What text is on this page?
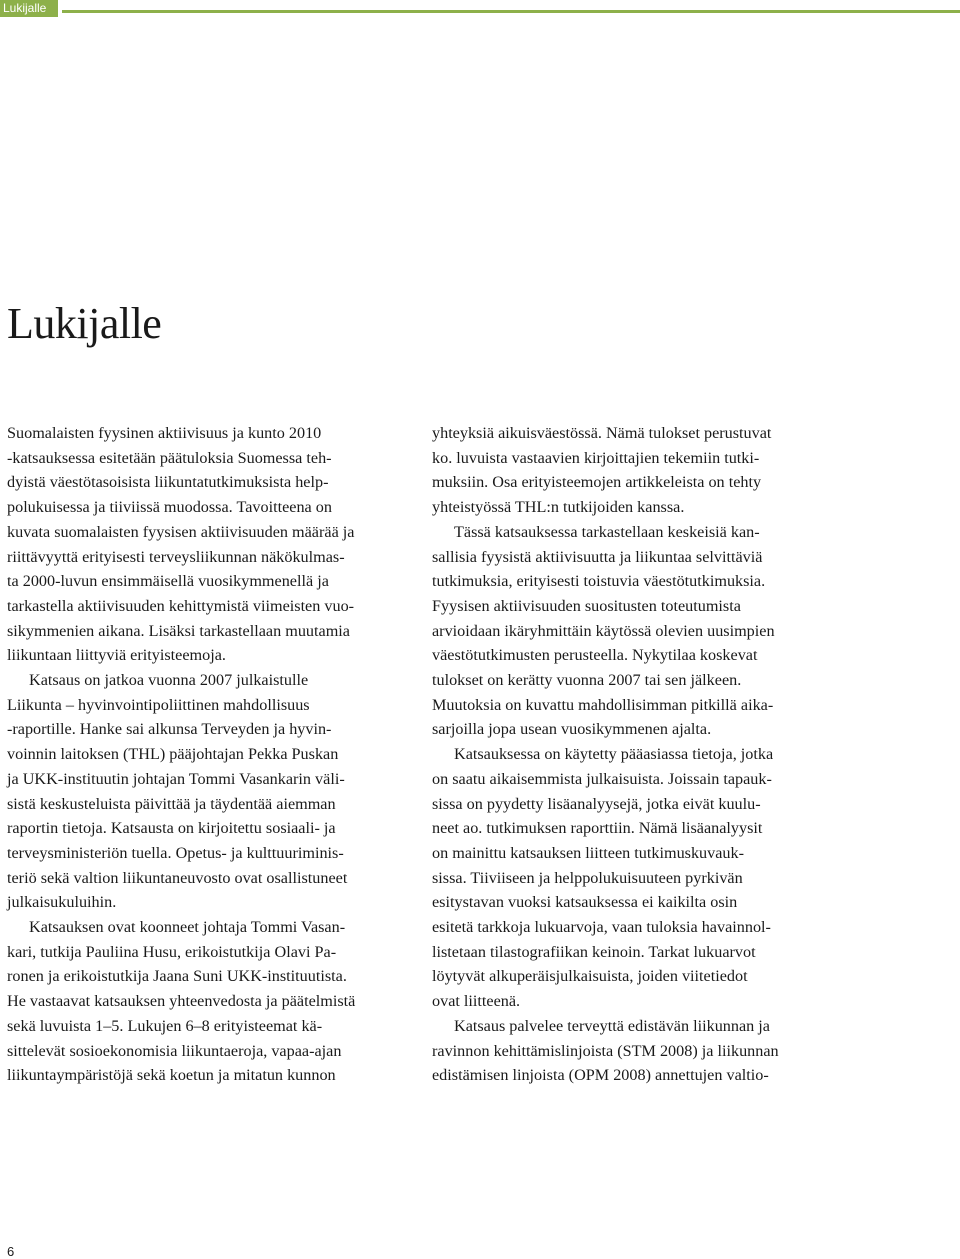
Lukijalle
Lukijalle

Suomalaisten fyysinen aktiivisuus ja kunto 2010
-katsauksessa esitetään päätuloksia Suomessa teh-
dyistä väestötasoisista liikuntatutkimuksista help-
polukuisessa ja tiiviissä muodossa. Tavoitteena on
kuvata suomalaisten fyysisen aktiivisuuden määrää ja
riittävyyttä erityisesti terveysliikunnan näkökulmas-
ta 2000-luvun ensimmäisellä vuosikymmenellä ja
tarkastella aktiivisuuden kehittymistä viimeisten vuo-
sikymmenien aikana. Lisäksi tarkastellaan muutamia
liikuntaan liittyviä erityisteemoja.

Katsaus on jatkoa vuonna 2007 julkaistulle
Liikunta – hyvinvointipoliittinen mahdollisuus
-raportille. Hanke sai alkunsa Terveyden ja hyvin-
voinnin laitoksen (THL) pääjohtajan Pekka Puskan
ja UKK-instituutin johtajan Tommi Vasankarin väli-
sistä keskusteluista päivittää ja täydentää aiemman
raportin tietoja. Katsausta on kirjoitettu sosiaali- ja
terveysministeriön tuella. Opetus- ja kulttuuriminis-
teriö sekä valtion liikuntaneuvosto ovat osallistuneet
julkaisukuluihin.

Katsauksen ovat koonneet johtaja Tommi Vasan-
kari, tutkija Pauliina Husu, erikoistutkija Olavi Pa-
ronen ja erikoistutkija Jaana Suni UKK-instituutista.
He vastaavat katsauksen yhteenvedosta ja päätelmistä
sekä luvuista 1–5. Lukujen 6–8 erityisteemat kä-
sittelevät sosioekonomisia liikuntaeroja, vapaa-ajan
liikuntaympäristöjä sekä koetun ja mitatun kunnon

yhteyksiä aikuisväestössä. Nämä tulokset perustuvat
ko. luvuista vastaavien kirjoittajien tekemiin tutki-
muksiin. Osa erityisteemojen artikkeleista on tehty
yhteistyössä THL:n tutkijoiden kanssa.

Tässä katsauksessa tarkastellaan keskeisiä kan-
sallisia fyysistä aktiivisuutta ja liikuntaa selvittäviä
tutkimuksia, erityisesti toistuvia väestötutkimuksia.
Fyysisen aktiivisuuden suositusten toteutumista
arvioidaan ikäryhmittäin käytössä olevien uusimpien
väestötutkimusten perusteella. Nykytilaa koskevat
tulokset on kerätty vuonna 2007 tai sen jälkeen.
Muutoksia on kuvattu mahdollisimman pitkillä aika-
sarjoilla jopa usean vuosikymmenen ajalta.

Katsauksessa on käytetty pääasiassa tietoja, jotka
on saatu aikaisemmista julkaisuista. Joissain tapauk-
sissa on pyydetty lisäanalyysejä, jotka eivät kuulu-
neet ao. tutkimuksen raporttiin. Nämä lisäanalyysit
on mainittu katsauksen liitteen tutkimuskuvauk-
sissa. Tiiviiseen ja helppolukuisuuteen pyrkivän
esitystavan vuoksi katsauksessa ei kaikilta osin
esitetä tarkkoja lukuarvoja, vaan tuloksia havainnol-
listetaan tilastografiikan keinoin. Tarkat lukuarvot
löytyvät alkuperäisjulkaisuista, joiden viitetiedot
ovat liitteenä.

Katsaus palvelee terveyttä edistävän liikunnan ja
ravinnon kehittämislinjoista (STM 2008) ja liikunnan
edistämisen linjoista (OPM 2008) annettujen valtio-

6
